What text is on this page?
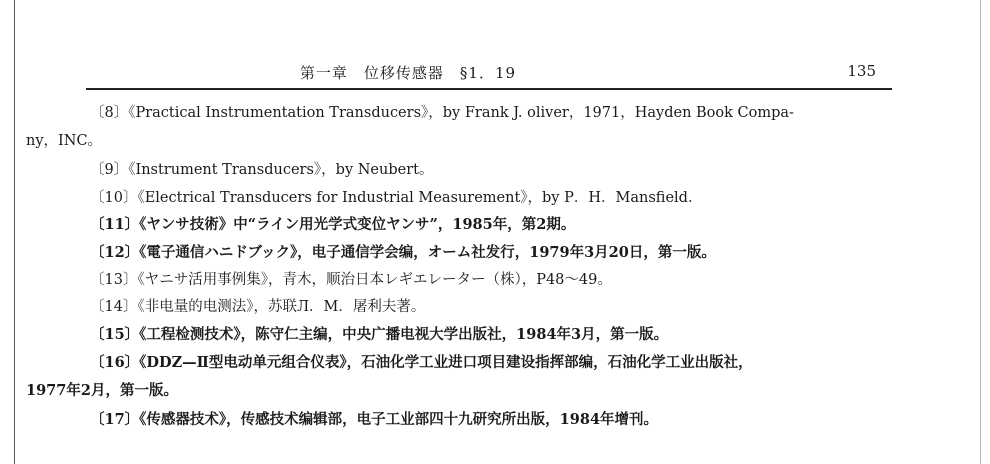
第一章　位移传感器　§1．19	135
〔8〕《Practical Instrumentation Transducers》，by Frank J. oliver，1971，Hayden Book Compa-
ny，INC。
〔9〕《Instrument Transducers》，by Neubert。
〔10〕《Electrical Transducers for Industrial Measurement》，by P．H．Mansfield．
〔11〕《ヤンサ技術》中“ライン用光学式变位ヤンサ”，1985年，第2期。
〔12〕《電子通信ハニドブック》，电子通信学会编，オーム社发行，1979年3月20日，第一版。
〔13〕《ヤニサ活用事例集》，青木，顺治日本レギエレーター（株），P48～49。
〔14〕《非电量的电测法》，苏联Л．М．屠利夫著。
〔15〕《工程检测技术》，陈守仁主编，中央广播电视大学出版社，1984年3月，第一版。
〔16〕《DDZ—Ⅱ型电动单元组合仪表》，石油化学工业进口项目建设指挥部编，石油化学工业出版社，
1977年2月，第一版。
〔17〕《传感器技术》，传感技术编辑部，电子工业部四十九研究所出版，1984年增刊。
